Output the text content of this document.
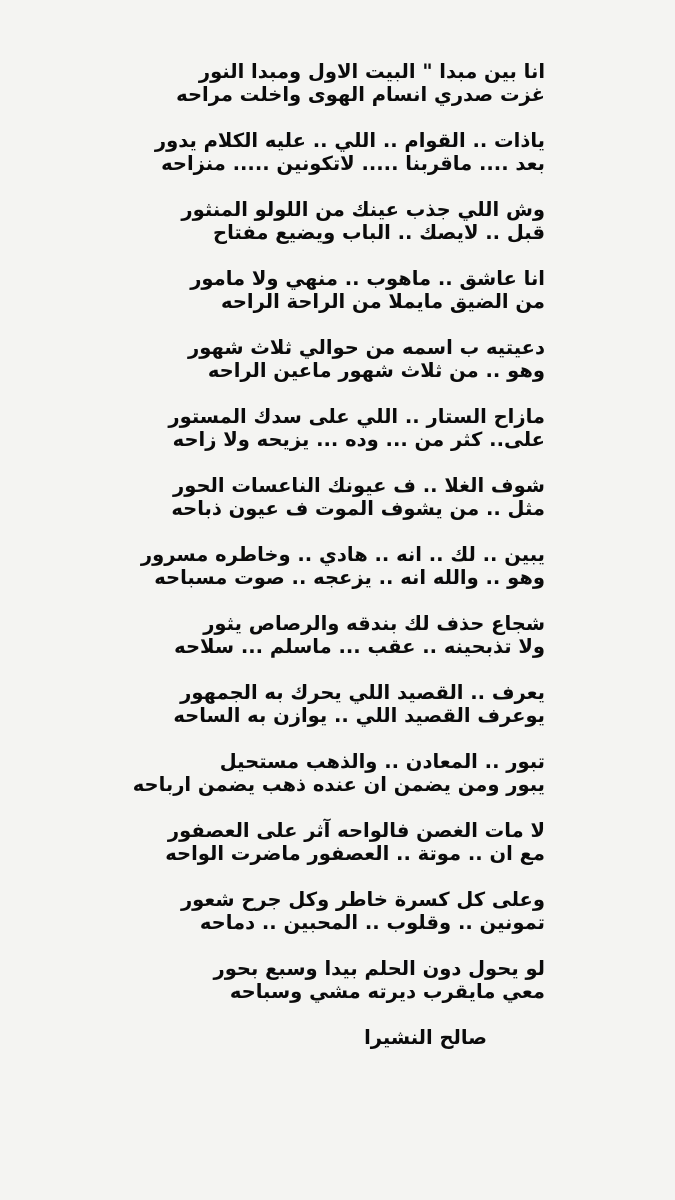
انا بين مبدا " البيت الاول ومبدا النور
غزت صدري انسام الهوى واخلت مراحه
ياذات .. القوام .. اللي .. عليه الكلام يدور
بعد .... ماقربنا ..... لاتكونين ..... منزاحه
وش اللي جذب عينك من اللولو المنثور
قبل .. لايصك .. الباب ويضيع مفتاح
انا عاشق .. ماهوب .. منهي ولا مامور
من الضيق مايملا من الراحة الراحه
دعيتيه ب اسمه من حوالي ثلاث شهور
وهو .. من ثلاث شهور ماعين الراحه
مازاح الستار .. اللي على سدك المستور
على.. كثر من ... وده ... يزيحه ولا زاحه
شوف الغلا .. ف عيونك الناعسات الحور
مثل .. من يشوف الموت ف عيون ذباحه
يبين .. لك .. انه .. هادي .. وخاطره مسرور
وهو .. والله انه .. يزعجه .. صوت مسباحه
شجاع حذف لك بندقه والرصاص يثور
ولا تذبحينه .. عقب ... ماسلم ... سلاحه
يعرف .. القصيد اللي يحرك به الجمهور
يوعرف القصيد اللي .. يوازن به الساحه
تبور .. المعادن .. والذهب مستحيل
يبور ومن يضمن ان عنده ذهب يضمن ارباحه
لا مات الغصن فالواحه آثر على العصفور
مع ان .. موتة .. العصفور ماضرت الواحه
وعلى كل كسرة خاطر وكل جرح شعور
تمونين .. وقلوب .. المحبين .. دماحه
لو يحول دون الحلم بيدا وسبع بحور
معي مايقرب ديرته مشي وسباحه
صالح النشيرا
